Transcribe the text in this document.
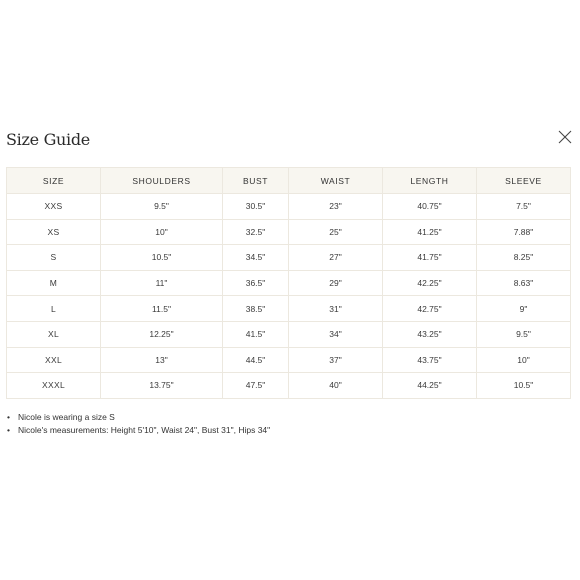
Size Guide
SIZE	SHOULDERS	BUST	WAIST	LENGTH	SLEEVE
XXS	9.5"	30.5"	23"	40.75"	7.5"
XS	10"	32.5"	25"	41.25"	7.88"
S	10.5"	34.5"	27"	41.75"	8.25"
M	11"	36.5"	29"	42.25"	8.63"
L	11.5"	38.5"	31"	42.75"	9"
XL	12.25"	41.5"	34"	43.25"	9.5"
XXL	13"	44.5"	37"	43.75"	10"
XXXL	13.75"	47.5"	40"	44.25"	10.5"
• Nicole is wearing a size S
• Nicole's measurements: Height 5'10", Waist 24", Bust 31", Hips 34"
